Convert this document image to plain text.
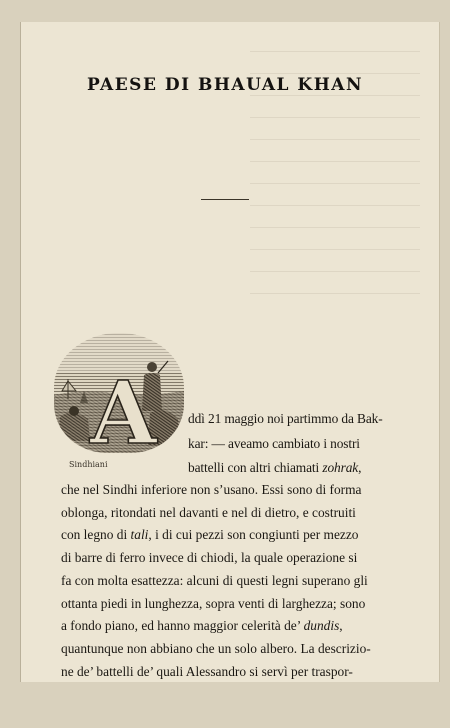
PAESE DI BHAUAL KHAN
A
Sindhiani
ddì 21 maggio noi partimmo da Bak-
kar: — aveamo cambiato i nostri
battelli con altri chiamati zohrak,
che nel Sindhi inferiore non s’usano. Essi sono di forma
oblonga, ritondati nel davanti e nel di dietro, e costruiti
con legno di tali, i di cui pezzi son congiunti per mezzo
di barre di ferro invece di chiodi, la quale operazione si
fa con molta esattezza: alcuni di questi legni superano gli
ottanta piedi in lunghezza, sopra venti di larghezza; sono
a fondo piano, ed hanno maggior celerità de’ dundis,
quantunque non abbiano che un solo albero. La descrizio-
ne de’ battelli de’ quali Alessandro si servì per traspor-
